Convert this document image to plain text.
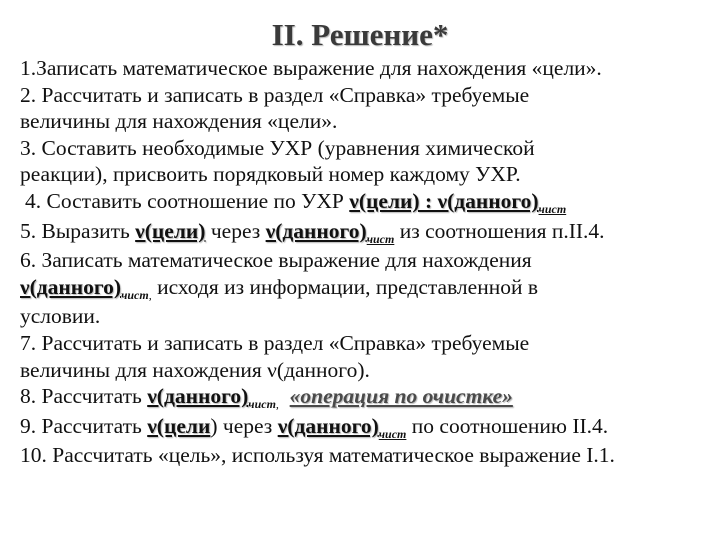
II. Решение*
1.Записать математическое выражение для нахождения «цели».
2. Рассчитать и записать в раздел «Справка» требуемые
величины для нахождения «цели».
3. Составить необходимые УХР (уравнения химической
реакции), присвоить порядковый номер каждому УХР.
4. Составить соотношение по УХР ν(цели) : $\nu(данного)_{чист}$
5. Выразить ν(цели) через $\nu(данного)_{чист}$ из соотношения п.II.4.
6. Записать математическое выражение для нахождения
$\nu(данного)_{чист,}$ исходя из информации, представленной в
условии.
7. Рассчитать и записать в раздел «Справка» требуемые
величины для нахождения ν(данного).
8. Рассчитать $\nu(данного)_{чист,}$ «операция по очистке»
9. Рассчитать ν(цели) через $\nu(данного)_{чист}$ по соотношению II.4.
10. Рассчитать «цель», используя математическое выражение I.1.
